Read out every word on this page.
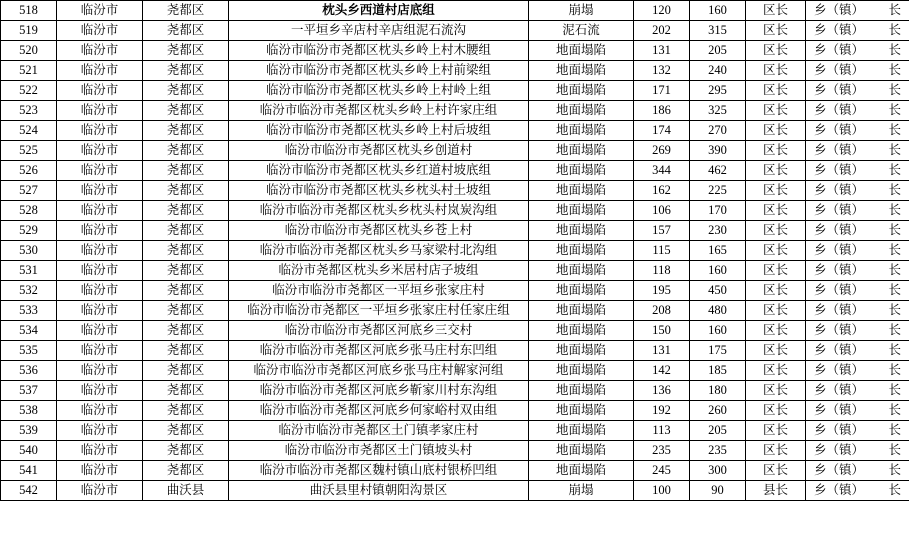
518	临汾市	尧都区	枕头乡西道村店底组	崩塌	120	160	区长	乡（镇） 长

519	临汾市	尧都区	一平垣乡辛店村辛店组泥石流沟	泥石流	202	315	区长	乡（镇） 长

520	临汾市	尧都区	临汾市临汾市尧都区枕头乡岭上村木腰组	地面塌陷	131	205	区长	乡（镇） 长

521	临汾市	尧都区	临汾市临汾市尧都区枕头乡岭上村前梁组	地面塌陷	132	240	区长	乡（镇） 长

522	临汾市	尧都区	临汾市临汾市尧都区枕头乡岭上村岭上组	地面塌陷	171	295	区长	乡（镇） 长

523	临汾市	尧都区	临汾市临汾市尧都区枕头乡岭上村许家庄组	地面塌陷	186	325	区长	乡（镇） 长

524	临汾市	尧都区	临汾市临汾市尧都区枕头乡岭上村后坡组	地面塌陷	174	270	区长	乡（镇） 长

525	临汾市	尧都区	临汾市临汾市尧都区枕头乡创道村	地面塌陷	269	390	区长	乡（镇） 长

526	临汾市	尧都区	临汾市临汾市尧都区枕头乡红道村坡底组	地面塌陷	344	462	区长	乡（镇） 长

527	临汾市	尧都区	临汾市临汾市尧都区枕头乡枕头村土坡组	地面塌陷	162	225	区长	乡（镇） 长

528	临汾市	尧都区	临汾市临汾市尧都区枕头乡枕头村岚炭沟组	地面塌陷	106	170	区长	乡（镇） 长

529	临汾市	尧都区	临汾市临汾市尧都区枕头乡苍上村	地面塌陷	157	230	区长	乡（镇） 长

530	临汾市	尧都区	临汾市临汾市尧都区枕头乡马家梁村北沟组	地面塌陷	115	165	区长	乡（镇） 长

531	临汾市	尧都区	临汾市尧都区枕头乡米居村店子坡组	地面塌陷	118	160	区长	乡（镇） 长

532	临汾市	尧都区	临汾市临汾市尧都区一平垣乡张家庄村	地面塌陷	195	450	区长	乡（镇） 长

533	临汾市	尧都区	临汾市临汾市尧都区一平垣乡张家庄村任家庄组	地面塌陷	208	480	区长	乡（镇） 长

534	临汾市	尧都区	临汾市临汾市尧都区河底乡三交村	地面塌陷	150	160	区长	乡（镇） 长

535	临汾市	尧都区	临汾市临汾市尧都区河底乡张马庄村东凹组	地面塌陷	131	175	区长	乡（镇） 长

536	临汾市	尧都区	临汾市临汾市尧都区河底乡张马庄村解家河组	地面塌陷	142	185	区长	乡（镇） 长

537	临汾市	尧都区	临汾市临汾市尧都区河底乡靳家川村东沟组	地面塌陷	136	180	区长	乡（镇） 长

538	临汾市	尧都区	临汾市临汾市尧都区河底乡何家峪村双由组	地面塌陷	192	260	区长	乡（镇） 长

539	临汾市	尧都区	临汾市临汾市尧都区土门镇孝家庄村	地面塌陷	113	205	区长	乡（镇） 长

540	临汾市	尧都区	临汾市临汾市尧都区土门镇坡头村	地面塌陷	235	235	区长	乡（镇） 长

541	临汾市	尧都区	临汾市临汾市尧都区魏村镇山底村银桥凹组	地面塌陷	245	300	区长	乡（镇） 长

542	临汾市	曲沃县	曲沃县里村镇朝阳沟景区	崩塌	100	90	县长	乡（镇） 长
